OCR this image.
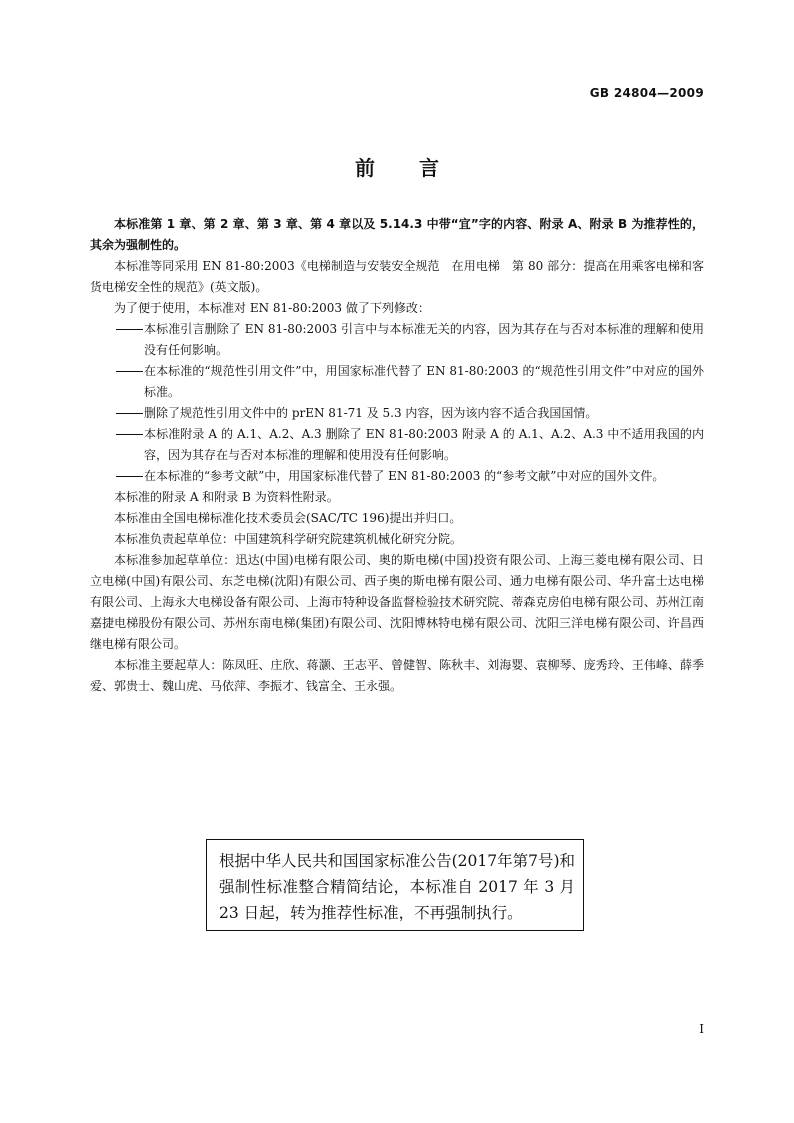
GB 24804—2009
前言

本标准第 1 章、第 2 章、第 3 章、第 4 章以及 5.14.3 中带“宜”字的内容、附录 A、附录 B 为推荐性的，其余为强制性的。

本标准等同采用 EN 81-80:2003《电梯制造与安装安全规范　在用电梯　第 80 部分：提高在用乘客电梯和客货电梯安全性的规范》(英文版)。

为了便于使用，本标准对 EN 81-80:2003 做了下列修改：

本标准引言删除了 EN 81-80:2003 引言中与本标准无关的内容，因为其存在与否对本标准的理解和使用没有任何影响。
在本标准的“规范性引用文件”中，用国家标准代替了 EN 81-80:2003 的“规范性引用文件”中对应的国外标准。
删除了规范性引用文件中的 prEN 81-71 及 5.3 内容，因为该内容不适合我国国情。
本标准附录 A 的 A.1、A.2、A.3 删除了 EN 81-80:2003 附录 A 的 A.1、A.2、A.3 中不适用我国的内容，因为其存在与否对本标准的理解和使用没有任何影响。
在本标准的“参考文献”中，用国家标准代替了 EN 81-80:2003 的“参考文献”中对应的国外文件。

本标准的附录 A 和附录 B 为资料性附录。

本标准由全国电梯标准化技术委员会(SAC/TC 196)提出并归口。

本标准负责起草单位：中国建筑科学研究院建筑机械化研究分院。

本标准参加起草单位：迅达(中国)电梯有限公司、奥的斯电梯(中国)投资有限公司、上海三菱电梯有限公司、日立电梯(中国)有限公司、东芝电梯(沈阳)有限公司、西子奥的斯电梯有限公司、通力电梯有限公司、华升富士达电梯有限公司、上海永大电梯设备有限公司、上海市特种设备监督检验技术研究院、蒂森克房伯电梯有限公司、苏州江南嘉捷电梯股份有限公司、苏州东南电梯(集团)有限公司、沈阳博林特电梯有限公司、沈阳三洋电梯有限公司、许昌西继电梯有限公司。

本标准主要起草人：陈凤旺、庄欣、蒋灏、王志平、曾健智、陈秋丰、刘海婴、袁柳琴、庞秀玲、王伟峰、薛季爱、郭贵士、魏山虎、马依萍、李振才、钱富全、王永强。

根据中华人民共和国国家标准公告(2017年第7号)和强制性标准整合精简结论，本标准自 2017 年 3 月 23 日起，转为推荐性标准，不再强制执行。
I
